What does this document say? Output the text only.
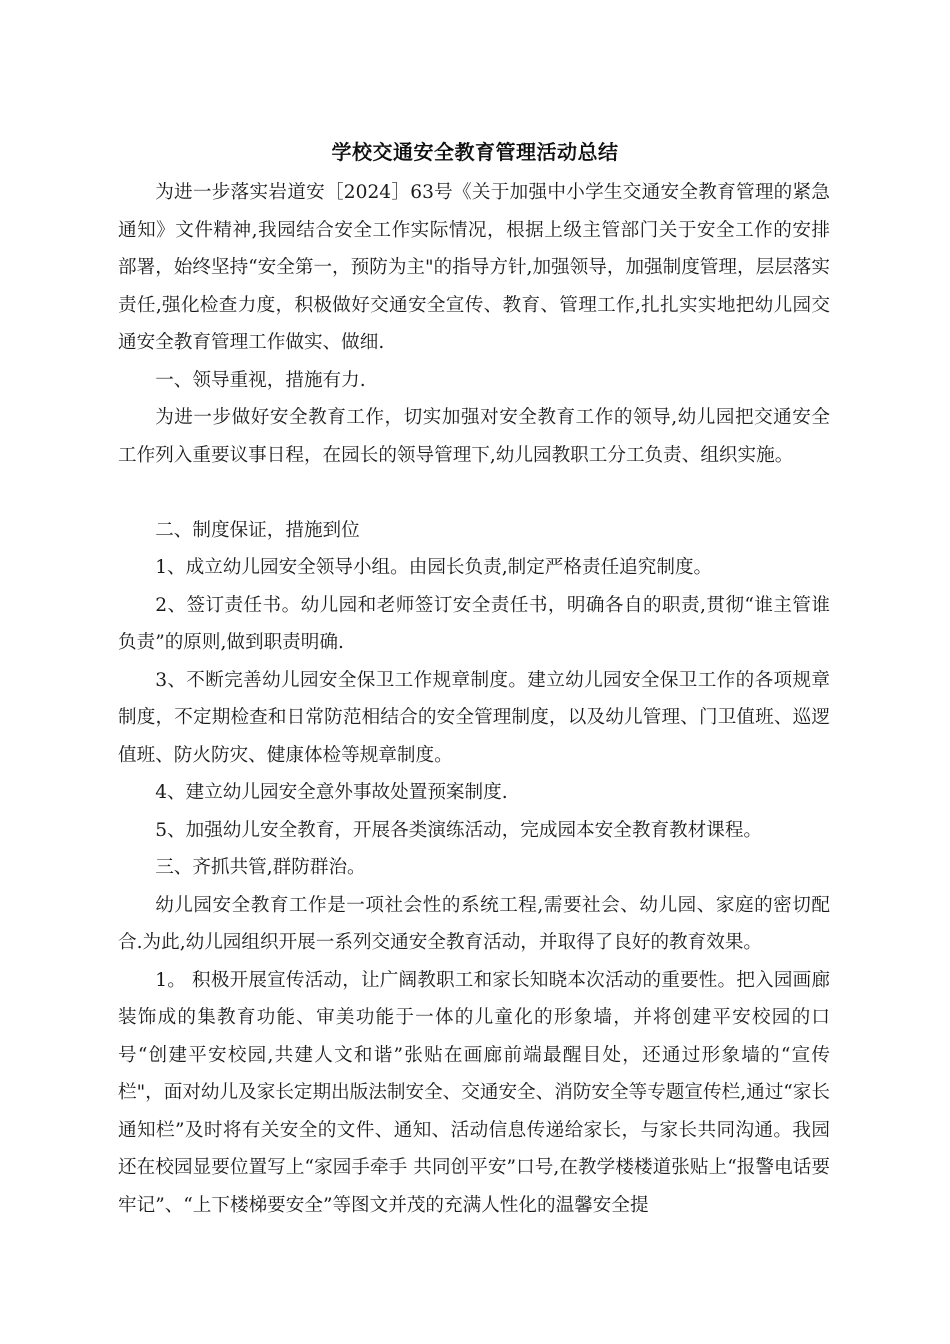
学校交通安全教育管理活动总结

为进一步落实岩道安［2024］63号《关于加强中小学生交通安全教育管理的紧急通知》文件精神,我园结合安全工作实际情况，根据上级主管部门关于安全工作的安排部署，始终坚持“安全第一，预防为主"的指导方针,加强领导，加强制度管理，层层落实责任,强化检查力度，积极做好交通安全宣传、教育、管理工作,扎扎实实地把幼儿园交通安全教育管理工作做实、做细.

一、领导重视，措施有力.

为进一步做好安全教育工作，切实加强对安全教育工作的领导,幼儿园把交通安全工作列入重要议事日程，在园长的领导管理下,幼儿园教职工分工负责、组织实施。

二、制度保证，措施到位

1、成立幼儿园安全领导小组。由园长负责,制定严格责任追究制度。

2、签订责任书。幼儿园和老师签订安全责任书，明确各自的职责,贯彻“谁主管谁负责”的原则,做到职责明确.

3、不断完善幼儿园安全保卫工作规章制度。建立幼儿园安全保卫工作的各项规章制度，不定期检查和日常防范相结合的安全管理制度，以及幼儿管理、门卫值班、巡逻值班、防火防灾、健康体检等规章制度。

4、建立幼儿园安全意外事故处置预案制度.

5、加强幼儿安全教育，开展各类演练活动，完成园本安全教育教材课程。

三、齐抓共管,群防群治。

幼儿园安全教育工作是一项社会性的系统工程,需要社会、幼儿园、家庭的密切配合.为此,幼儿园组织开展一系列交通安全教育活动，并取得了良好的教育效果。

1。 积极开展宣传活动，让广阔教职工和家长知晓本次活动的重要性。把入园画廊装饰成的集教育功能、审美功能于一体的儿童化的形象墙，并将创建平安校园的口号“创建平安校园,共建人文和谐”张贴在画廊前端最醒目处，还通过形象墙的“宣传栏"，面对幼儿及家长定期出版法制安全、交通安全、消防安全等专题宣传栏,通过“家长通知栏”及时将有关安全的文件、通知、活动信息传递给家长，与家长共同沟通。我园还在校园显要位置写上“家园手牵手 共同创平安”口号,在教学楼楼道张贴上“报警电话要牢记”、“上下楼梯要安全”等图文并茂的充满人性化的温馨安全提
